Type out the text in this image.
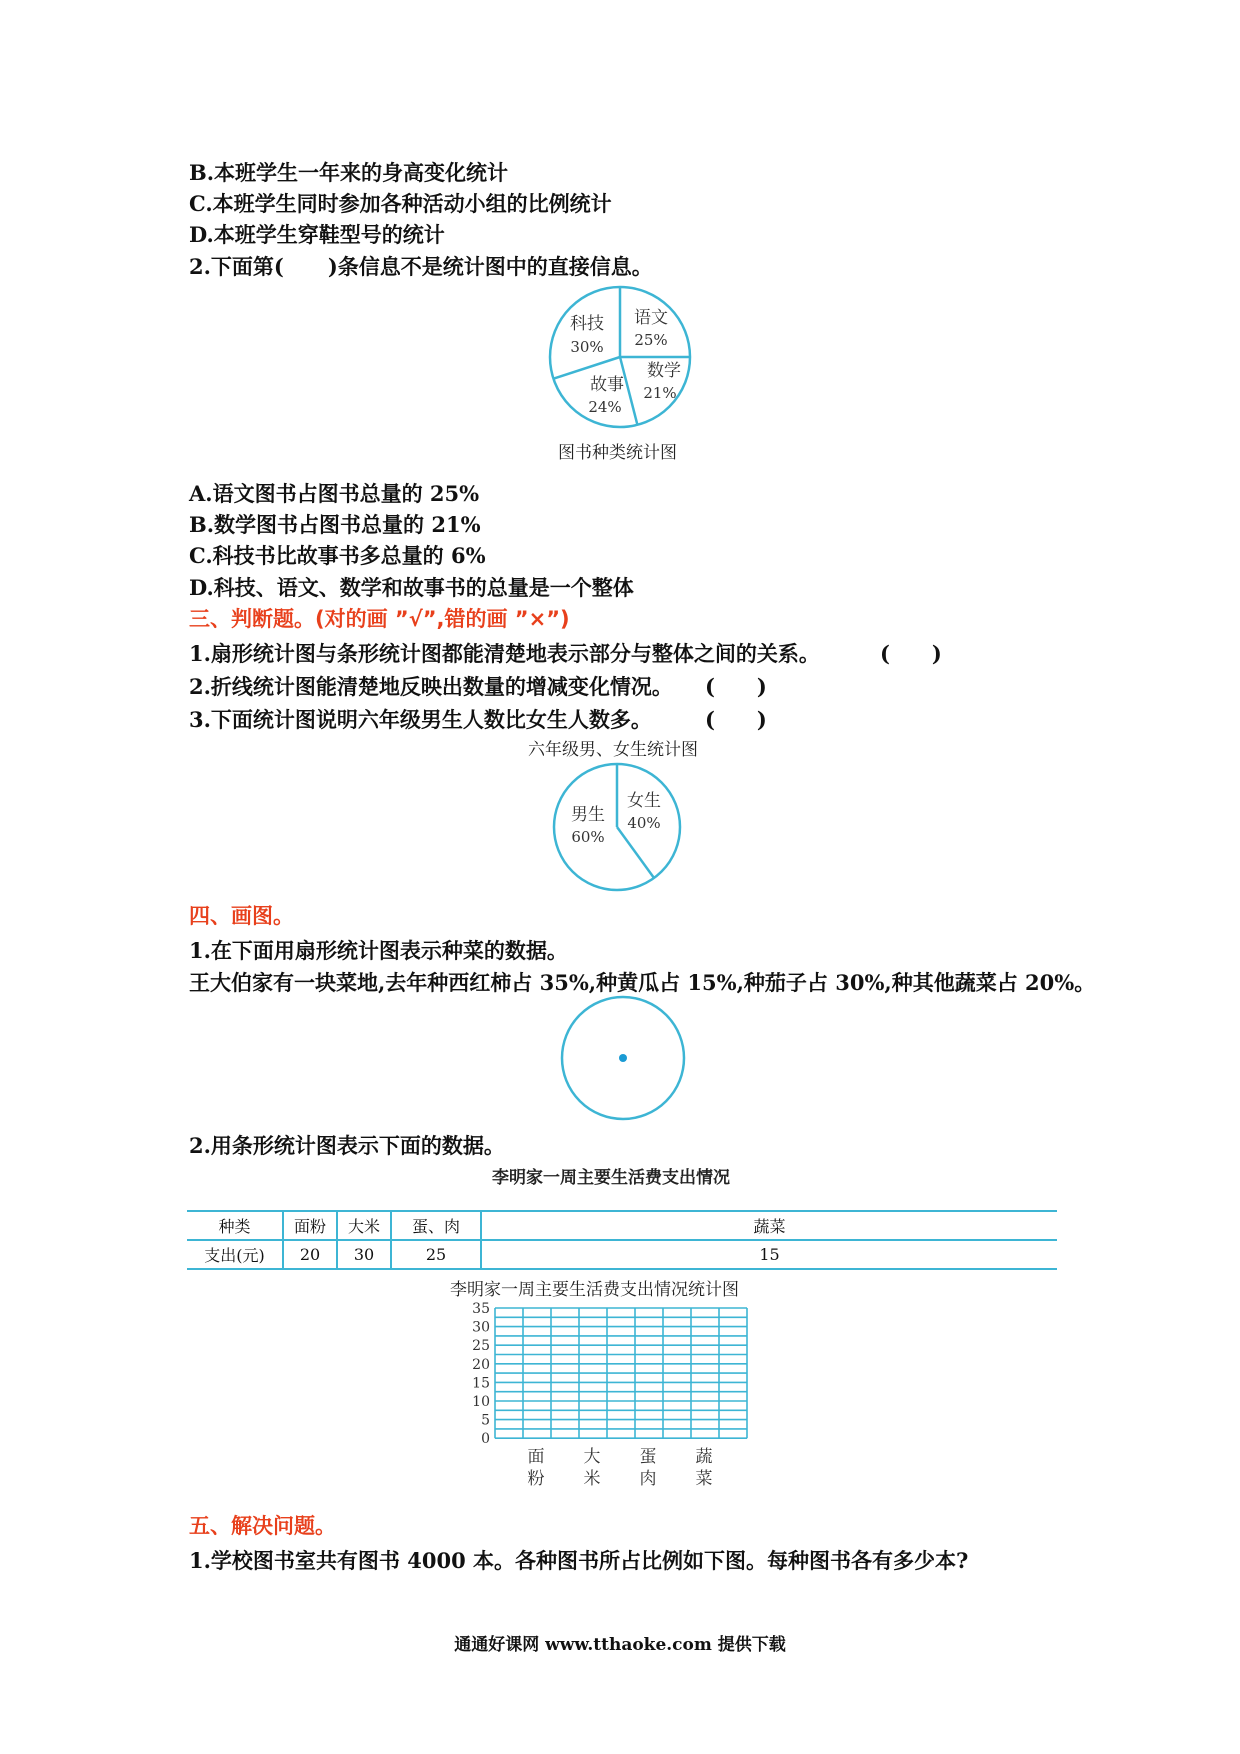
B.本班学生一年来的身高变化统计
C.本班学生同时参加各种活动小组的比例统计
D.本班学生穿鞋型号的统计
2.下面第( )条信息不是统计图中的直接信息。
科技
30%
语文
25%
数学
21%
故事
24%
图书种类统计图
A.语文图书占图书总量的 25%
B.数学图书占图书总量的 21%
C.科技书比故事书多总量的 6%
D.科技、语文、数学和故事书的总量是一个整体
三、判断题。(对的画 ”√”,错的画 ”×”)
1.扇形统计图与条形统计图都能清楚地表示部分与整体之间的关系。	(　　)
2.折线统计图能清楚地反映出数量的增减变化情况。 (　　)
3.下面统计图说明六年级男生人数比女生人数多。	(　　)
六年级男、女生统计图
男生
60%
女生
40%
四、画图。
1.在下面用扇形统计图表示种菜的数据。
王大伯家有一块菜地,去年种西红柿占 35%,种黄瓜占 15%,种茄子占 30%,种其他蔬菜占 20%。
2.用条形统计图表示下面的数据。
李明家一周主要生活费支出情况
种类	面粉	大米	蛋、肉	蔬菜
支出(元)	20	30	25	15
李明家一周主要生活费支出情况统计图
35
30
25
20
15
10
5
0
面
粉
大
米
蛋
肉
蔬
菜
五、解决问题。
1.学校图书室共有图书 4000 本。各种图书所占比例如下图。每种图书各有多少本?
通通好课网 www.tthaoke.com 提供下载
